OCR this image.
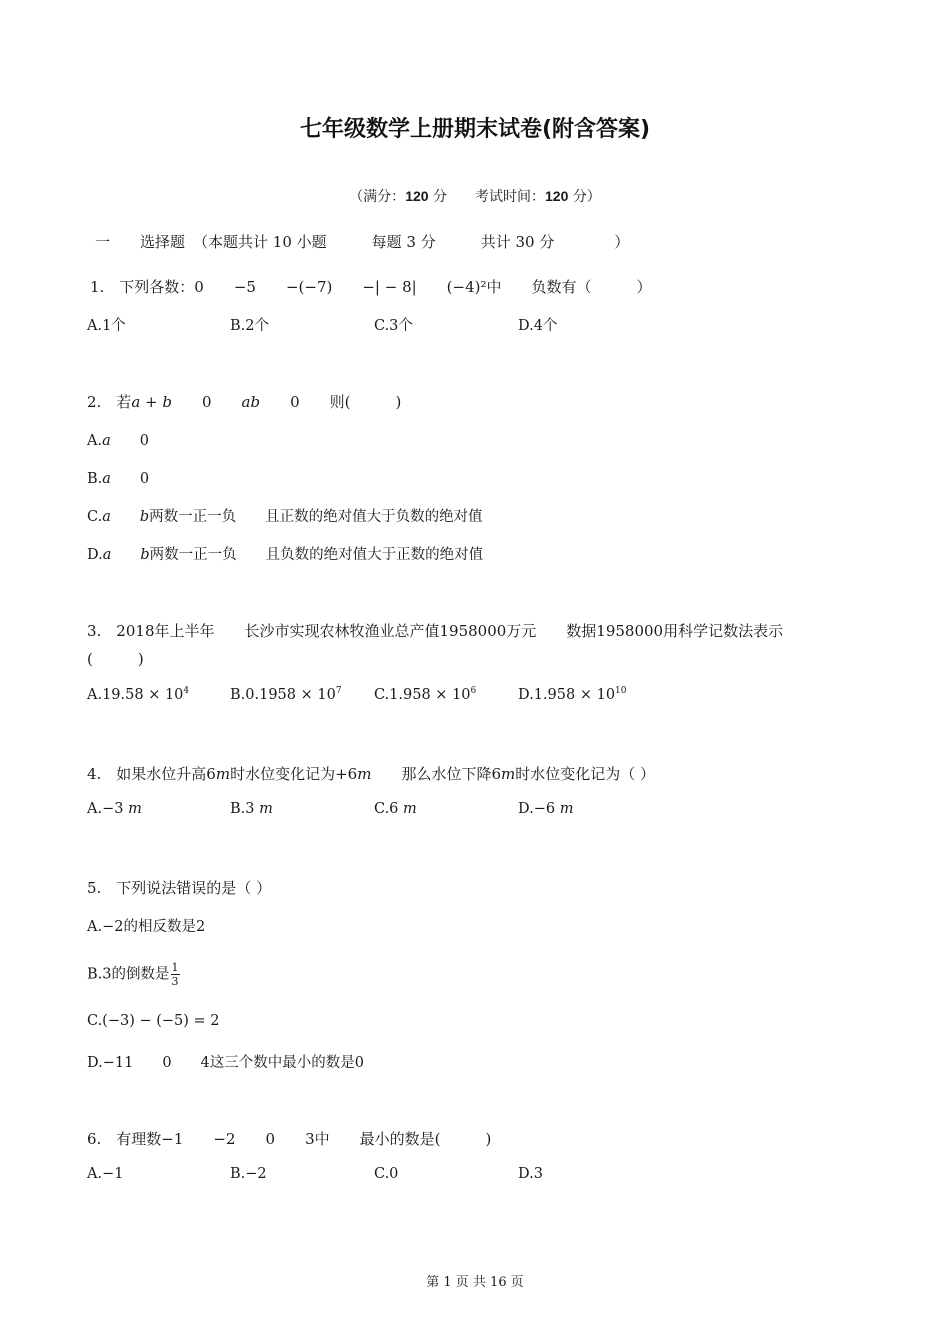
七年级数学上册期末试卷(附含答案)
（满分：120 分　　考试时间：120 分）
一 选择题 （本题共计 10 小题　　　每题 3 分　　　共计 30 分　　　　）
1.　下列各数：0　　−5　　−(−7)　　−| − 8|　　(−4)²中　　负数有（　　　）
A.1个	B.2个	C.3个	D.4个
2.　若a + b　　0　　ab　　0　　则(　　　)
A.a　　0
B.a　　0
C.a　　 b两数一正一负　　且正数的绝对值大于负数的绝对值
D.a　　 b两数一正一负　　且负数的绝对值大于正数的绝对值
3.　2018年上半年　　长沙市实现农林牧渔业总产值1958000万元　　数据1958000用科学记数法表示
(　　　)
$A.19.58 \times 10^4$	$B.0.1958 \times 10^7$ $C.1.958 \times 10^6$	$D.1.958 \times 10^{10}$
4.　如果水位升高6m时水位变化记为+6m　　那么水位下降6m时水位变化记为（ ）
A.−3 m	B.3 m	C.6 m	D.−6 m
5.　下列说法错误的是（ ）
A.−2的相反数是2
B.3的倒数是 $\frac{1}{3}$
C.(−3) − (−5) = 2
D.−11　　0　　4这三个数中最小的数是0
6.　有理数−1　　−2　　0　　3中　　最小的数是(　　　)
A.−1	B.−2	C.0	D.3
第 1 页 共 16 页
